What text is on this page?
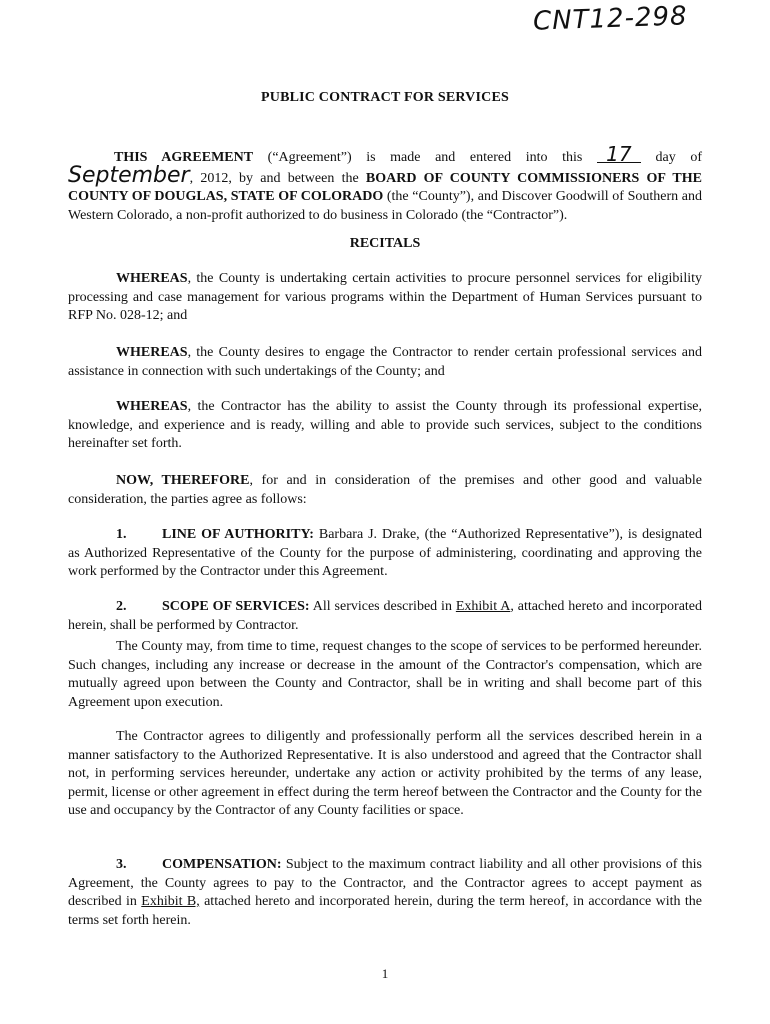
CNT12-298
PUBLIC CONTRACT FOR SERVICES

THIS AGREEMENT (“Agreement”) is made and entered into this 17 day of September, 2012, by and between the BOARD OF COUNTY COMMISSIONERS OF THE COUNTY OF DOUGLAS, STATE OF COLORADO (the “County”), and Discover Goodwill of Southern and Western Colorado, a non-profit authorized to do business in Colorado (the “Contractor”).

RECITALS

WHEREAS, the County is undertaking certain activities to procure personnel services for eligibility processing and case management for various programs within the Department of Human Services pursuant to RFP No. 028-12; and

WHEREAS, the County desires to engage the Contractor to render certain professional services and assistance in connection with such undertakings of the County; and

WHEREAS, the Contractor has the ability to assist the County through its professional expertise, knowledge, and experience and is ready, willing and able to provide such services, subject to the conditions hereinafter set forth.

NOW, THEREFORE, for and in consideration of the premises and other good and valuable consideration, the parties agree as follows:

1.	LINE OF AUTHORITY: Barbara J. Drake, (the “Authorized Representative”), is designated as Authorized Representative of the County for the purpose of administering, coordinating and approving the work performed by the Contractor under this Agreement.

2.	SCOPE OF SERVICES: All services described in Exhibit A, attached hereto and incorporated herein, shall be performed by Contractor.

The County may, from time to time, request changes to the scope of services to be performed hereunder. Such changes, including any increase or decrease in the amount of the Contractor's compensation, which are mutually agreed upon between the County and Contractor, shall be in writing and shall become part of this Agreement upon execution.

The Contractor agrees to diligently and professionally perform all the services described herein in a manner satisfactory to the Authorized Representative. It is also understood and agreed that the Contractor shall not, in performing services hereunder, undertake any action or activity prohibited by the terms of any lease, permit, license or other agreement in effect during the term hereof between the Contractor and the County for the use and occupancy by the Contractor of any County facilities or space.

3.	COMPENSATION: Subject to the maximum contract liability and all other provisions of this Agreement, the County agrees to pay to the Contractor, and the Contractor agrees to accept payment as described in Exhibit B, attached hereto and incorporated herein, during the term hereof, in accordance with the terms set forth herein.

1
